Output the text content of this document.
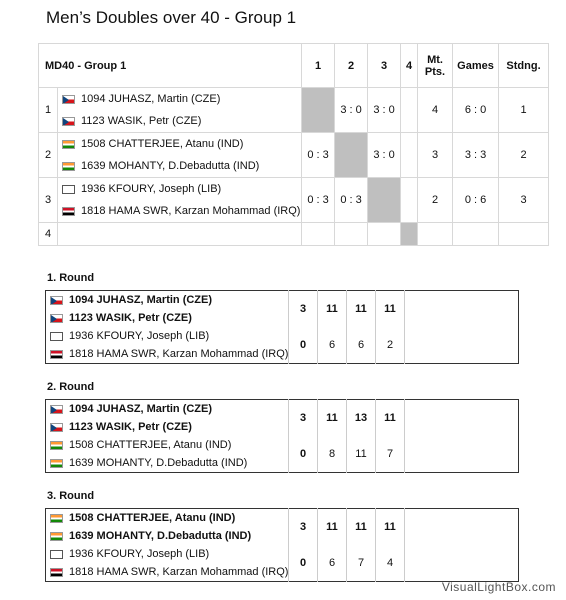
Men’s Doubles over 40 - Group 1
MD40 - Group 1		1	2	3	4	Mt. Pts.	Games	Stdng.
1	1094 JUHASZ, Martin (CZE)
1123 WASIK, Petr (CZE)		3 : 0	3 : 0		4	6 : 0	1
2	1508 CHATTERJEE, Atanu (IND)
1639 MOHANTY, D.Debadutta (IND)	0 : 3		3 : 0		3	3 : 3	2
3	1936 KFOURY, Joseph (LIB)
1818 HAMA SWR, Karzan Mohammad (IRQ)	0 : 3	0 : 3			2	0 : 6	3
4								
1. Round
1094 JUHASZ, Martin (CZE)
1123 WASIK, Petr (CZE)	3	11	11	11	

1936 KFOURY, Joseph (LIB)
1818 HAMA SWR, Karzan Mohammad (IRQ)	0	6	6	2	
2. Round
1094 JUHASZ, Martin (CZE)
1123 WASIK, Petr (CZE)	3	11	13	11	

1508 CHATTERJEE, Atanu (IND)
1639 MOHANTY, D.Debadutta (IND)	0	8	11	7	
3. Round
1508 CHATTERJEE, Atanu (IND)
1639 MOHANTY, D.Debadutta (IND)	3	11	11	11	

1936 KFOURY, Joseph (LIB)
1818 HAMA SWR, Karzan Mohammad (IRQ)	0	6	7	4	
VisualLightBox.com
